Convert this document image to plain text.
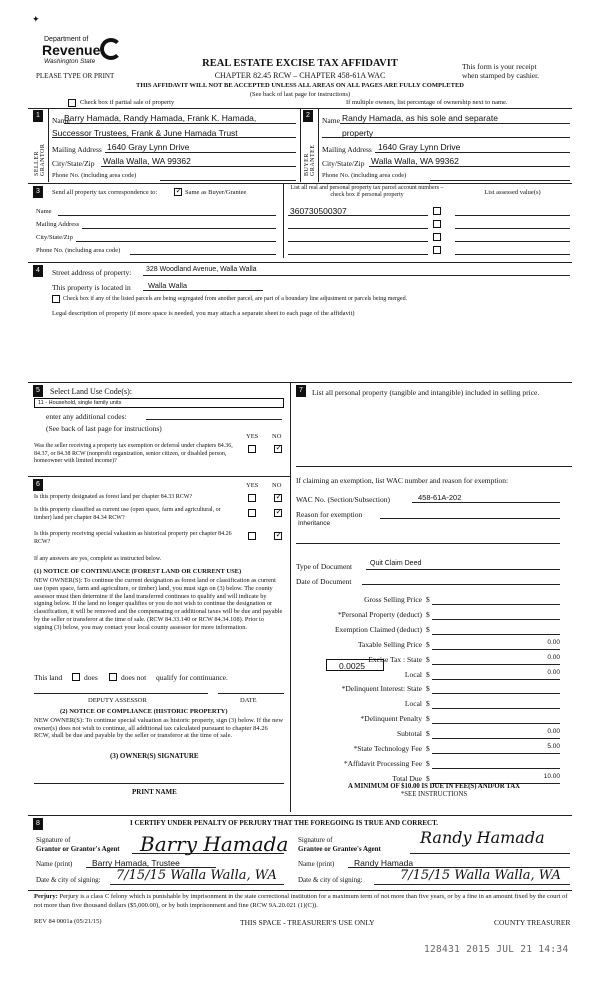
✦
Department of
Revenue
Washington State
PLEASE TYPE OR PRINT
REAL ESTATE EXCISE TAX AFFIDAVIT
CHAPTER 82.45 RCW – CHAPTER 458-61A WAC
THIS AFFIDAVIT WILL NOT BE ACCEPTED UNLESS ALL AREAS ON ALL PAGES ARE FULLY COMPLETED
(See back of last page for instructions)
This form is your receipt
when stamped by cashier.
Check box if partial sale of property	If multiple owners, list percentage of ownership next to name.
1
SELLER GRANTOR
2
BUYER GRANTEE
Name
Barry Hamada, Randy Hamada, Frank K. Hamada,
Successor Trustees, Frank & June Hamada Trust
Mailing Address 1640 Gray Lynn Drive
City/State/Zip Walla Walla, WA 99362
Phone No. (including area code)
Name Randy Hamada, as his sole and separate
property
Mailing Address 1640 Gray Lynn Drive
City/State/Zip Walla Walla, WA 99362
Phone No. (including area code)
3	Send all property tax correspondence to:
✓	Same as Buyer/Grantee
List all real and personal property tax parcel account numbers – check box if personal property	List assessed value(s)
Name
Mailing Address
City/State/Zip
Phone No. (including area code)
360730500307
4	Street address of property: 328 Woodland Avenue, Walla Walla
This property is located in Walla Walla
Check box if any of the listed parcels are being segregated from another parcel, are part of a boundary line adjustment or parcels being merged.
Legal description of property (if more space is needed, you may attach a separate sheet to each page of the affidavit)
5	Select Land Use Code(s):
11 - Household, single family units
enter any additional codes:
(See back of last page for instructions)
YES NO
Was the seller receiving a property tax exemption or deferral under chapters 84.36, 84.37, or 84.38 RCW (nonprofit organization, senior citizen, or disabled person, homeowner with limited income)?
✓
7	List all personal property (tangible and intangible) included in selling price.
6	YES NO
Is this property designated as forest land per chapter 84.33 RCW?
✓
Is this property classified as current use (open space, farm and agricultural, or timber) land per chapter 84.34 RCW?
✓
Is this property receiving special valuation as historical property per chapter 84.26 RCW?
✓
If any answers are yes, complete as instructed below.
(1) NOTICE OF CONTINUANCE (FOREST LAND OR CURRENT USE)
NEW OWNER(S): To continue the current designation as forest land or classification as current use (open space, farm and agriculture, or timber) land, you must sign on (3) below. The county assessor must then determine if the land transferred continues to qualify and will indicate by signing below. If the land no longer qualifies or you do not wish to continue the designation or classification, it will be removed and the compensating or additional taxes will be due and payable by the seller or transferor at the time of sale. (RCW 84.33.140 or RCW 84.34.108). Prior to signing (3) below, you may contact your local county assessor for more information.
This land	does	does not qualify for continuance.
DEPUTY ASSESSOR	DATE
(2) NOTICE OF COMPLIANCE (HISTORIC PROPERTY)
NEW OWNER(S): To continue special valuation as historic property, sign (3) below. If the new owner(s) does not wish to continue, all additional tax calculated pursuant to chapter 84.26 RCW, shall be due and payable by the seller or transferor at the time of sale.
(3) OWNER(S) SIGNATURE
PRINT NAME
If claiming an exemption, list WAC number and reason for exemption:
WAC No. (Section/Subsection)	458-61A-202
Reason for exemption
Inheritance
Type of Document	Quit Claim Deed
Date of Document
Gross Selling Price $
*Personal Property (deduct) $
Exemption Claimed (deduct) $
Taxable Selling Price $	0.00
Excise Tax : State $	0.00
Local $	0.00
*Delinquent Interest: State $
Local $
*Delinquent Penalty $
Subtotal $	0.00
*State Technology Fee $	5.00
*Affidavit Processing Fee $
Total Due $	10.00
0.0025
A MINIMUM OF $10.00 IS DUE IN FEE(S) AND/OR TAX
*SEE INSTRUCTIONS
8	I CERTIFY UNDER PENALTY OF PERJURY THAT THE FOREGOING IS TRUE AND CORRECT.
Signature of
Grantor or Grantor's Agent Barry Hamada
Name (print) Barry Hamada, Trustee
Date & city of signing: 7/15/15 Walla Walla, WA
Signature of
Grantee or Grantee's Agent
Randy Hamada
Name (print) Randy Hamada
Date & city of signing:	7/15/15 Walla Walla, WA
Perjury: Perjury is a class C felony which is punishable by imprisonment in the state correctional institution for a maximum term of not more than five years, or by a fine in an amount fixed by the court of not more than five thousand dollars ($5,000.00), or by both imprisonment and fine (RCW 9A.20.021 (1)(C)).
REV 84 0001a (05/21/15)	THIS SPACE - TREASURER'S USE ONLY	COUNTY TREASURER
128431 2015 JUL 21 14:34
